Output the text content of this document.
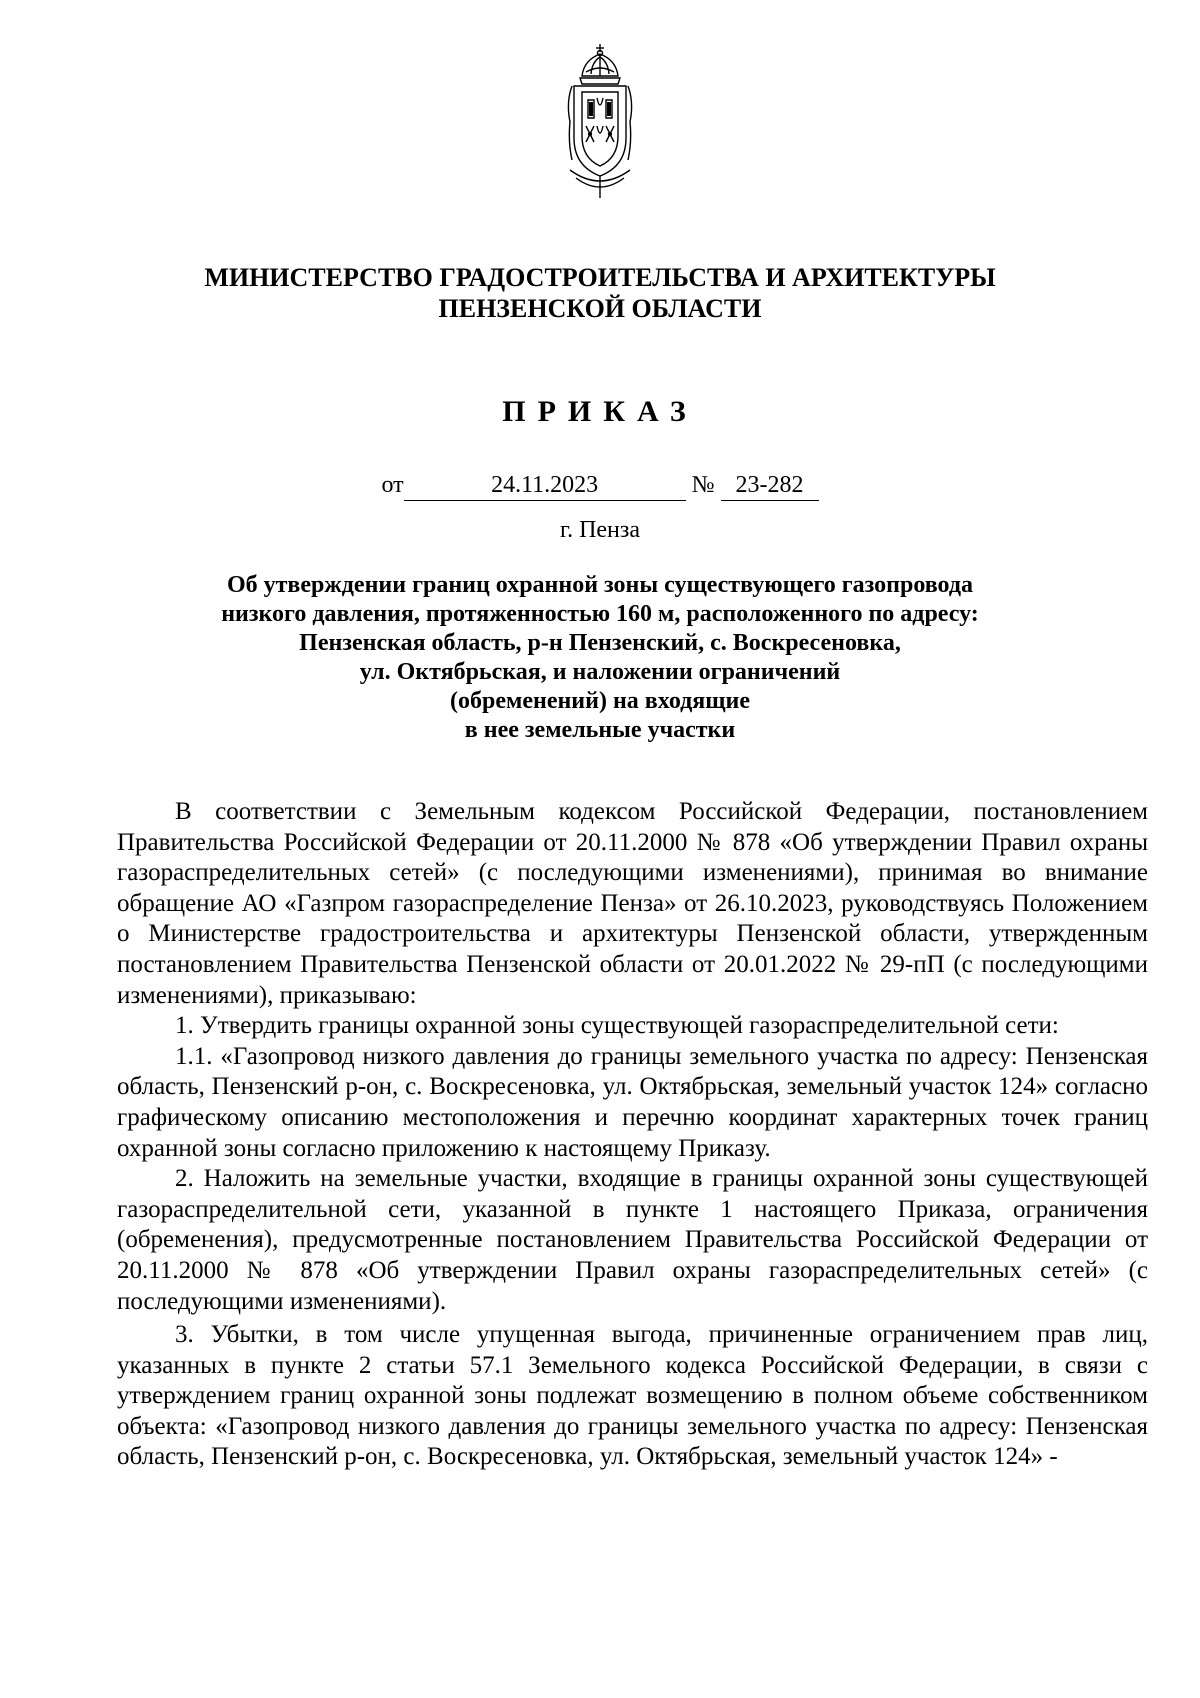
МИНИСТЕРСТВО ГРАДОСТРОИТЕЛЬСТВА И АРХИТЕКТУРЫ
ПЕНЗЕНСКОЙ ОБЛАСТИ
ПРИКАЗ
от	24.11.2023	№ 23-282
г. Пенза
Об утверждении границ охранной зоны существующего газопровода
низкого давления, протяженностью 160 м, расположенного по адресу:
Пензенская область, р-н Пензенский, с. Воскресеновка,
ул. Октябрьская, и наложении ограничений
(обременений) на входящие
в нее земельные участки

В соответствии с Земельным кодексом Российской Федерации, постановлением Правительства Российской Федерации от 20.11.2000 № 878 «Об утверждении Правил охраны газораспределительных сетей» (с последующими изменениями), принимая во внимание обращение АО «Газпром газораспределение Пенза» от 26.10.2023, руководствуясь Положением о Министерстве градостроительства и архитектуры Пензенской области, утвержденным постановлением Правительства Пензенской области от 20.01.2022 № 29-пП (с последующими изменениями), приказываю:

1. Утвердить границы охранной зоны существующей газораспределительной сети:

1.1. «Газопровод низкого давления до границы земельного участка по адресу: Пензенская область, Пензенский р-он, с. Воскресеновка, ул. Октябрьская, земельный участок 124» согласно графическому описанию местоположения и перечню координат характерных точек границ охранной зоны согласно приложению к настоящему Приказу.

2. Наложить на земельные участки, входящие в границы охранной зоны существующей газораспределительной сети, указанной в пункте 1 настоящего Приказа, ограничения (обременения), предусмотренные постановлением Правительства Российской Федерации от 20.11.2000 № 878 «Об утверждении Правил охраны газораспределительных сетей» (с последующими изменениями).

3. Убытки, в том числе упущенная выгода, причиненные ограничением прав лиц, указанных в пункте 2 статьи 57.1 Земельного кодекса Российской Федерации, в связи с утверждением границ охранной зоны подлежат возмещению в полном объеме собственником объекта: «Газопровод низкого давления до границы земельного участка по адресу: Пензенская область, Пензенский р-он, с. Воскресеновка, ул. Октябрьская, земельный участок 124» -
